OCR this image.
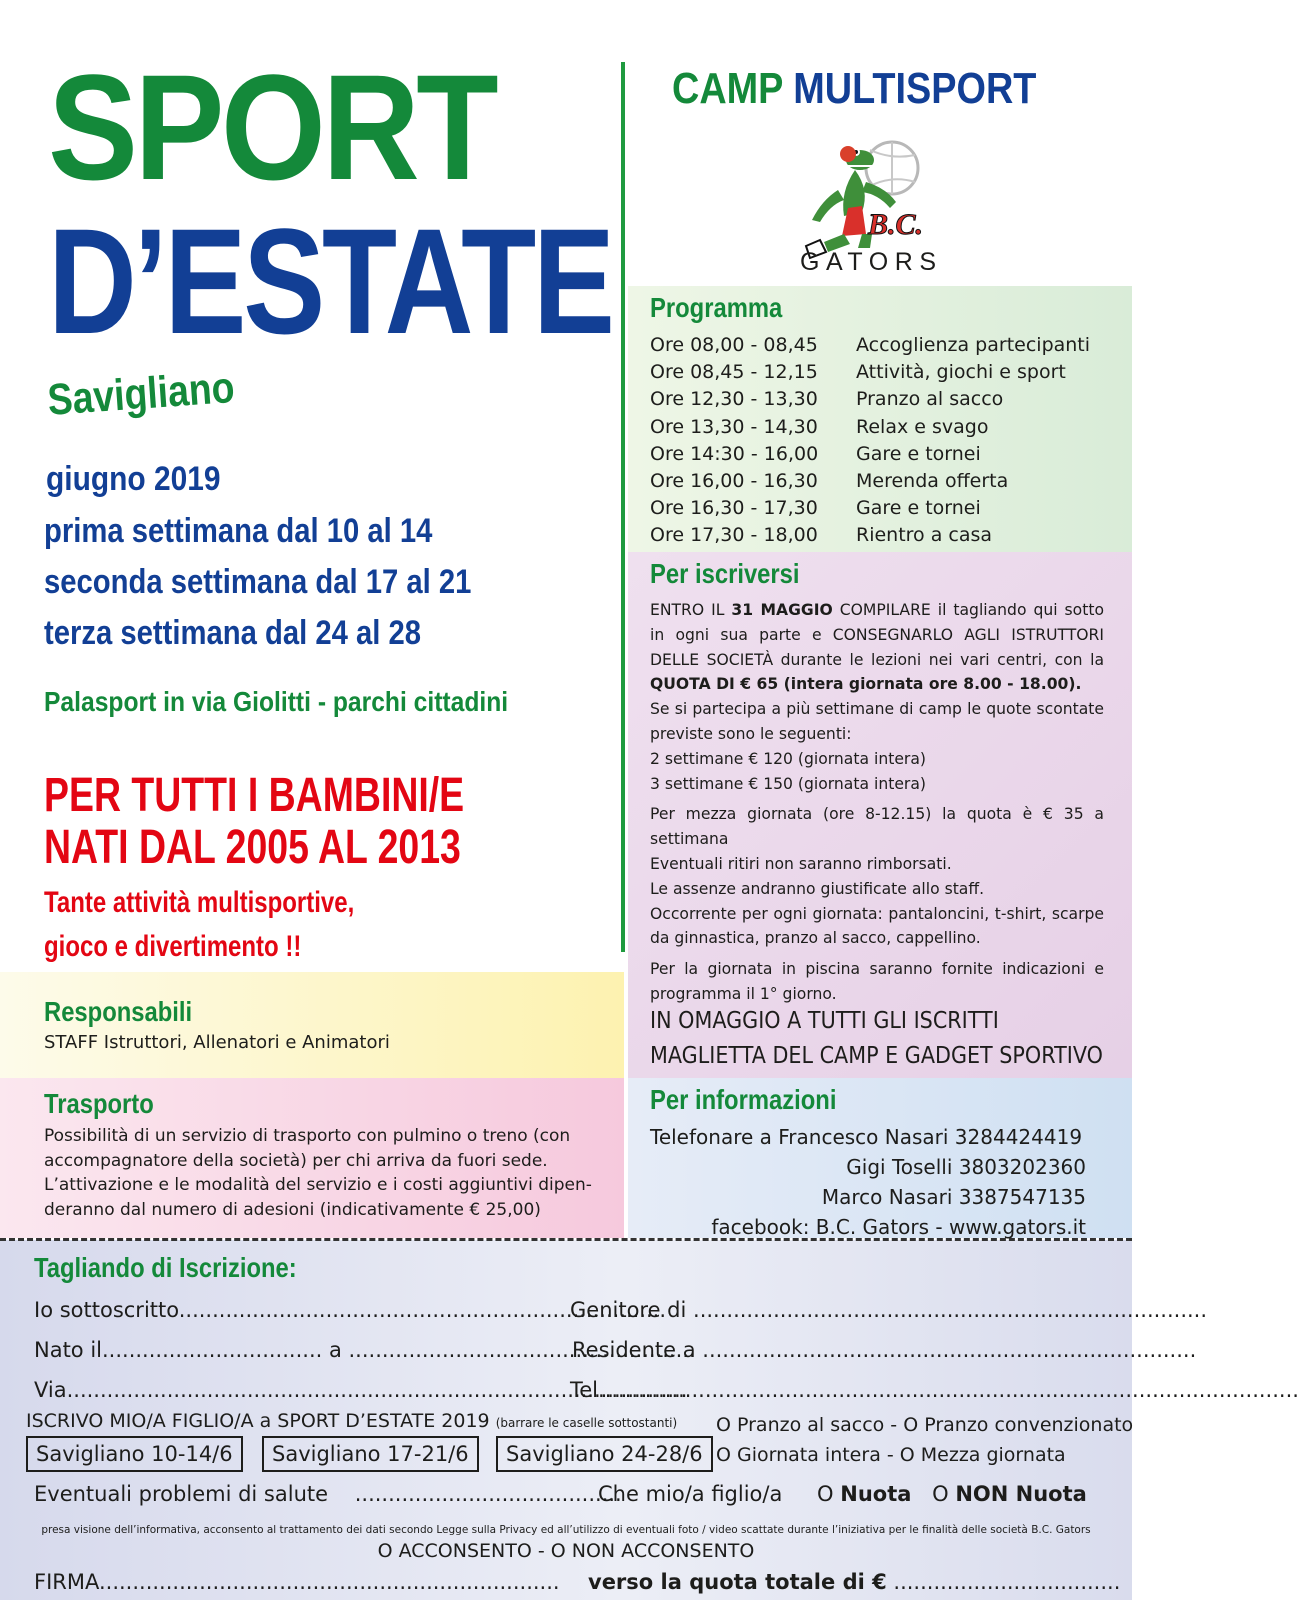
SPORT
D’ESTATE
Savigliano
giugno 2019
prima settimana dal 10 al 14
seconda settimana dal 17 al 21
terza settimana dal 24 al 28
Palasport in via Giolitti - parchi cittadini
PER TUTTI I BAMBINI/E
NATI DAL 2005 AL 2013
Tante attività multisportive,
gioco e divertimento !!
CAMP MULTISPORT
B.C.
GATORS
Programma
Ore 08,00 - 08,45	Accoglienza partecipanti
Ore 08,45 - 12,15	Attività, giochi e sport
Ore 12,30 - 13,30	Pranzo al sacco
Ore 13,30 - 14,30	Relax e svago
Ore 14:30 - 16,00	Gare e tornei
Ore 16,00 - 16,30	Merenda offerta
Ore 16,30 - 17,30	Gare e tornei
Ore 17,30 - 18,00	Rientro a casa
Per iscriversi

ENTRO IL 31 MAGGIO COMPILARE il tagliando qui sotto in ogni sua parte e CONSEGNARLO AGLI ISTRUTTORI DELLE SOCIETÀ durante le lezioni nei vari centri, con la QUOTA DI € 65 (intera giornata ore 8.00 - 18.00).

Se si partecipa a più settimane di camp le quote scontate previste sono le seguenti:

2 settimane € 120 (giornata intera)

3 settimane € 150 (giornata intera)

Per mezza giornata (ore 8-12.15) la quota è € 35 a settimana

Eventuali ritiri non saranno rimborsati.

Le assenze andranno giustificate allo staff.

Occorrente per ogni giornata: pantaloncini, t-shirt, scarpe da ginnastica, pranzo al sacco, cappellino.

Per la giornata in piscina saranno fornite indicazioni e programma il 1° giorno.

IN OMAGGIO A TUTTI GLI ISCRITTI
MAGLIETTA DEL CAMP E GADGET SPORTIVO
Responsabili
STAFF Istruttori, Allenatori e Animatori
Trasporto
Possibilità di un servizio di trasporto con pulmino o treno (con accompagnatore della società) per chi arriva da fuori sede. L’attivazione e le modalità del servizio e i costi aggiuntivi dipen-deranno dal numero di adesioni (indicativamente € 25,00)
Per informazioni
Telefonare a Francesco Nasari 3284424419
Gigi Toselli 3803202360
Marco Nasari 3387547135
facebook: B.C. Gators - www.gators.it
Tagliando di Iscrizione:
Io sottoscritto.........................................................................
Genitore di .............................................................................
Nato il................................. a ....................................................
Residente a ..........................................................................
Via.............................................................................................
Tel.........................................................................................................
ISCRIVO MIO/A FIGLIO/A a SPORT D’ESTATE 2019 (barrare le caselle sottostanti)
Savigliano 10-14/6	Savigliano 17-21/6	Savigliano 24-28/6
O Pranzo al sacco - O Pranzo convenzionato
O Giornata intera - O Mezza giornata
Eventuali problemi di salute ........................................
Che mio/a figlio/a O Nuota O NON Nuota
presa visione dell’informativa, acconsento al trattamento dei dati secondo Legge sulla Privacy ed all’utilizzo di eventuali foto / video scattate durante l’iniziativa per le finalità delle società B.C. Gators
O ACCONSENTO - O NON ACCONSENTO
FIRMA..................................................................... verso la quota totale di € ..................................
